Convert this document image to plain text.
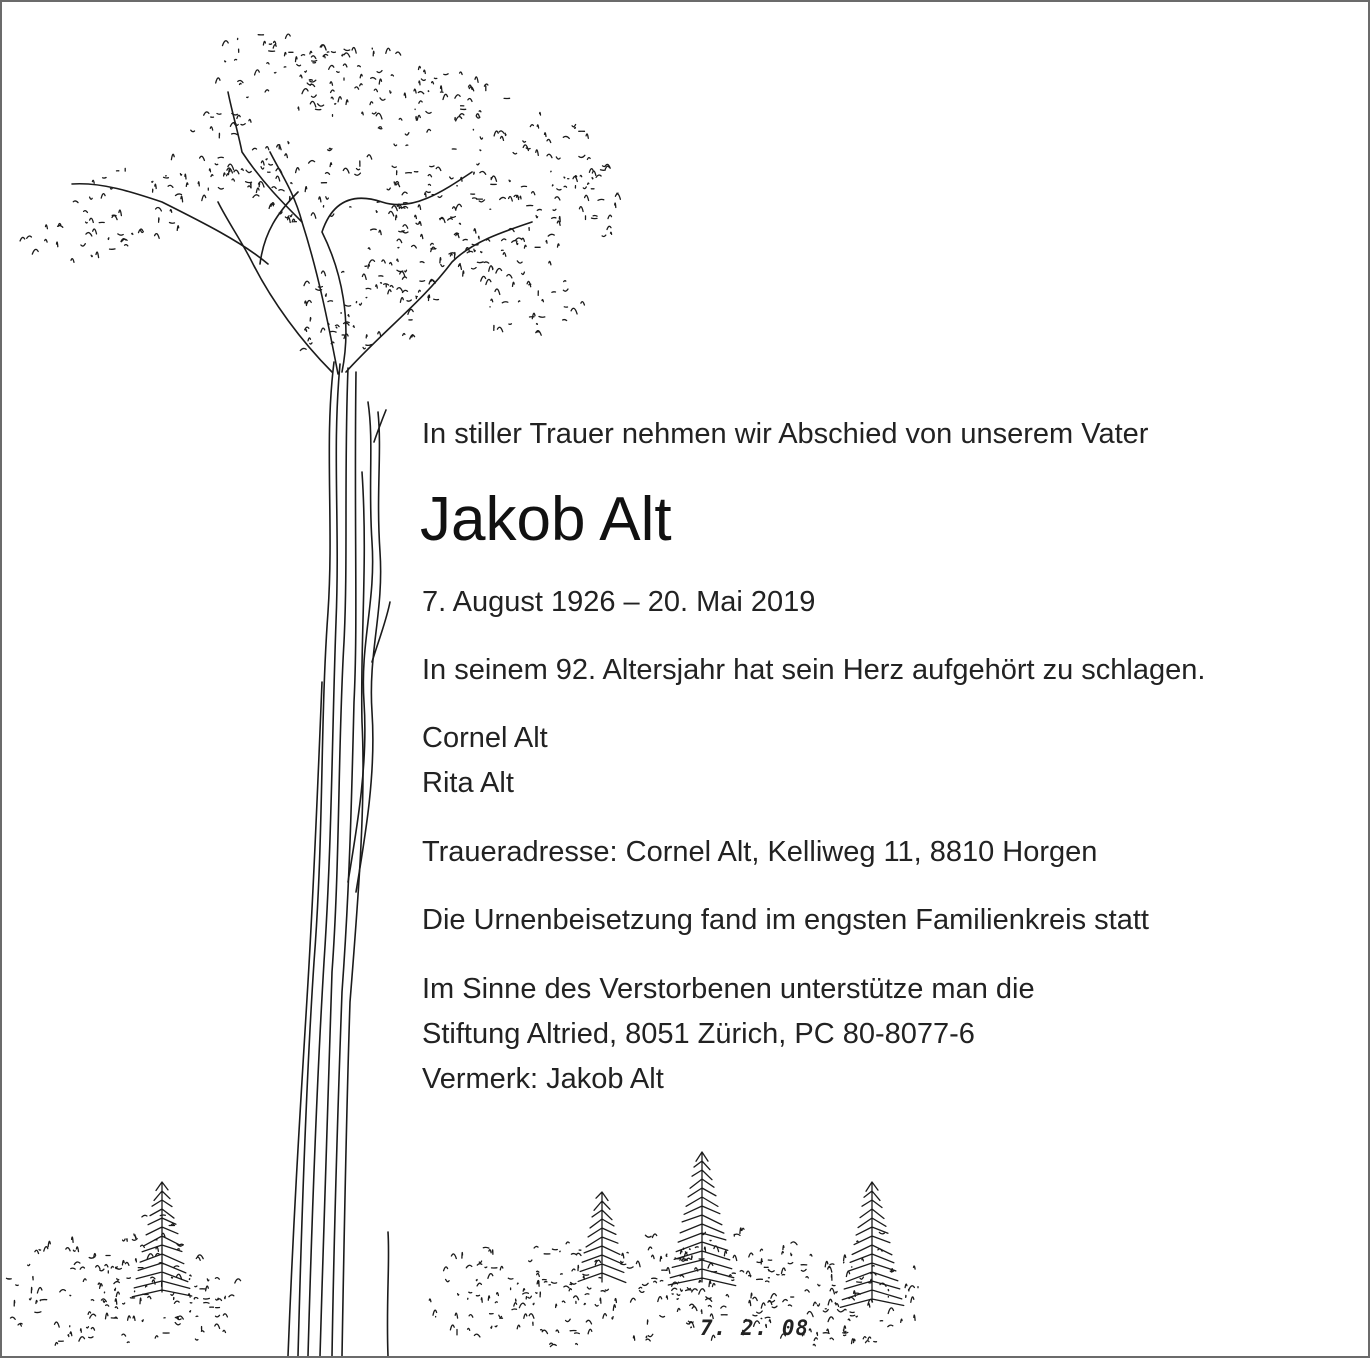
In stiller Trauer nehmen wir Abschied von unserem Vater
Jakob Alt
7. August 1926 – 20. Mai 2019
In seinem 92. Altersjahr hat sein Herz aufgehört zu schlagen.
Cornel Alt
Rita Alt
Traueradresse: Cornel Alt, Kelliweg 11, 8810 Horgen
Die Urnenbeisetzung fand im engsten Familienkreis statt
Im Sinne des Verstorbenen unterstütze man die
Stiftung Altried, 8051 Zürich, PC 80-8077-6
Vermerk: Jakob Alt
7. 2. 08
